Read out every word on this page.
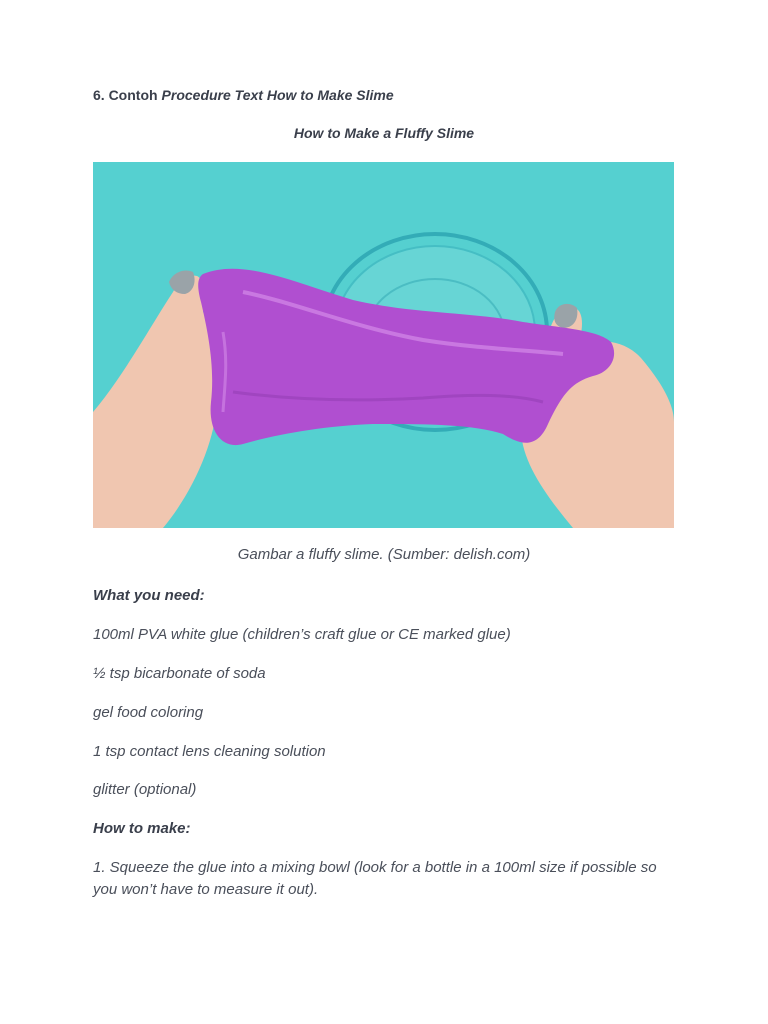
6. Contoh Procedure Text How to Make Slime
How to Make a Fluffy Slime
Gambar a fluffy slime. (Sumber: delish.com)
What you need:
100ml PVA white glue (children’s craft glue or CE marked glue)
½ tsp bicarbonate of soda
gel food coloring
1 tsp contact lens cleaning solution
glitter (optional)
How to make:
1. Squeeze the glue into a mixing bowl (look for a bottle in a 100ml size if possible so you won’t have to measure it out).
